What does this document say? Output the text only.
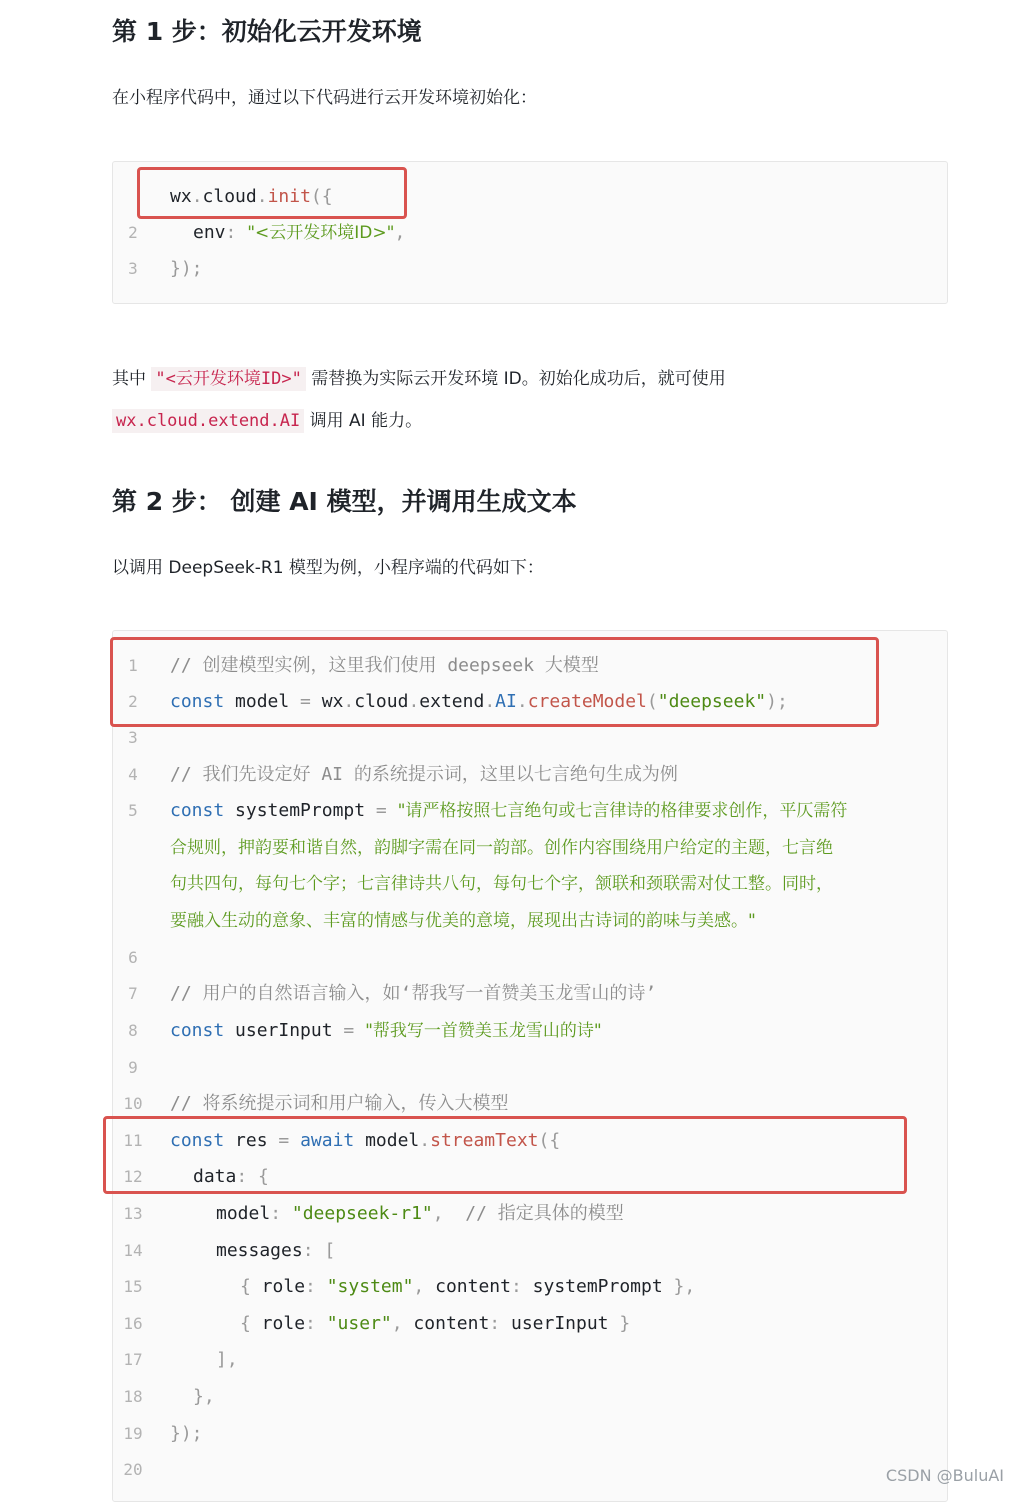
第 1 步：初始化云开发环境
在小程序代码中，通过以下代码进行云开发环境初始化：
wx.cloud.init({
2	env: "<云开发环境ID>",
3	});
其中 "<云开发环境ID>" 需替换为实际云开发环境 ID。初始化成功后，就可使用
wx.cloud.extend.AI 调用 AI 能力。
第 2 步： 创建 AI 模型，并调用生成文本
以调用 DeepSeek-R1 模型为例，小程序端的代码如下：
1	// 创建模型实例，这里我们使用 deepseek 大模型
2	const model = wx.cloud.extend.AI.createModel("deepseek");
3
4	// 我们先设定好 AI 的系统提示词，这里以七言绝句生成为例
5	const systemPrompt = "请严格按照七言绝句或七言律诗的格律要求创作，平仄需符
合规则，押韵要和谐自然，韵脚字需在同一韵部。创作内容围绕用户给定的主题，七言绝
句共四句，每句七个字；七言律诗共八句，每句七个字，颔联和颈联需对仗工整。同时，
要融入生动的意象、丰富的情感与优美的意境，展现出古诗词的韵味与美感。"
6
7	// 用户的自然语言输入，如‘帮我写一首赞美玉龙雪山的诗’
8	const userInput = "帮我写一首赞美玉龙雪山的诗"
9
10	// 将系统提示词和用户输入，传入大模型
11	const res = await model.streamText({
12	data: {
13	model: "deepseek-r1", // 指定具体的模型
14	messages: [
15	{ role: "system", content: systemPrompt },
16	{ role: "user", content: userInput }
17	],
18	},
19	});
20	CSDN @BuluAI
